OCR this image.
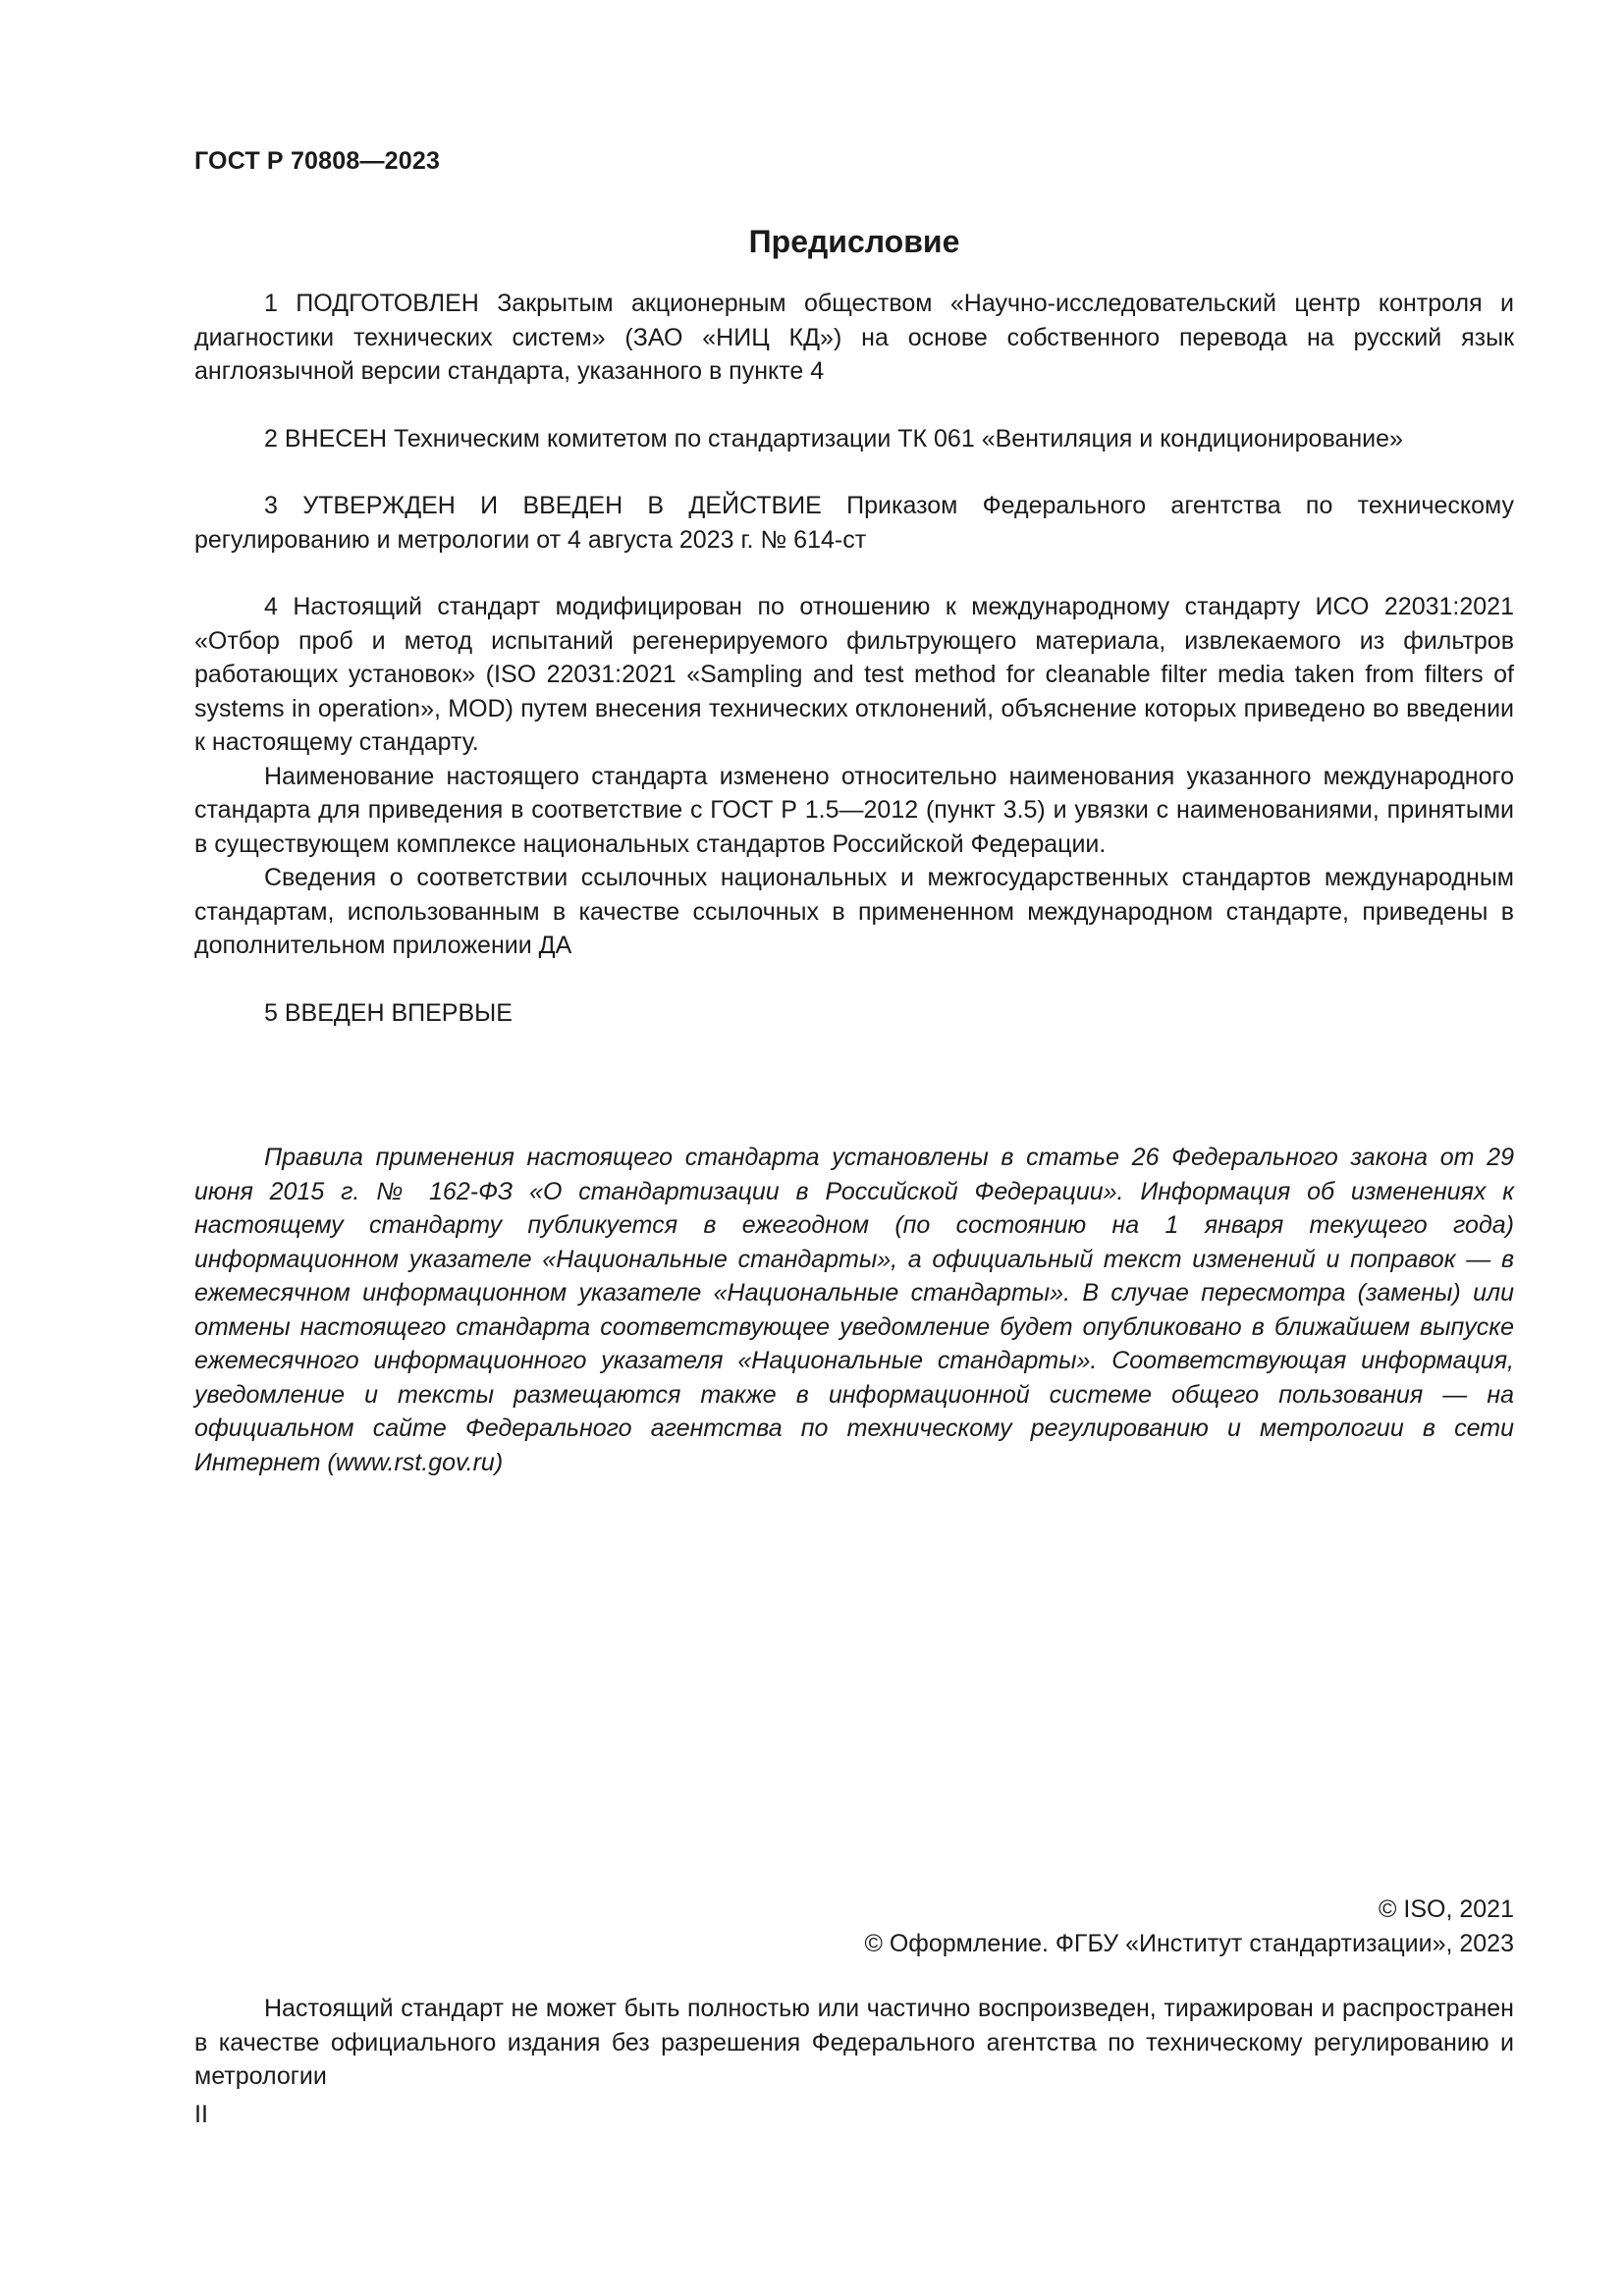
ГОСТ Р 70808—2023
Предисловие

1 ПОДГОТОВЛЕН Закрытым акционерным обществом «Научно-исследовательский центр контроля и диагностики технических систем» (ЗАО «НИЦ КД») на основе собственного перевода на русский язык англоязычной версии стандарта, указанного в пункте 4

2 ВНЕСЕН Техническим комитетом по стандартизации ТК 061 «Вентиляция и кондиционирование»

3 УТВЕРЖДЕН И ВВЕДЕН В ДЕЙСТВИЕ Приказом Федерального агентства по техническому регулированию и метрологии от 4 августа 2023 г. № 614-ст

4 Настоящий стандарт модифицирован по отношению к международному стандарту ИСО 22031:2021 «Отбор проб и метод испытаний регенерируемого фильтрующего материала, извлекаемого из фильтров работающих установок» (ISO 22031:2021 «Sampling and test method for cleanable filter media taken from filters of systems in operation», MOD) путем внесения технических отклонений, объяснение которых приведено во введении к настоящему стандарту.

Наименование настоящего стандарта изменено относительно наименования указанного международного стандарта для приведения в соответствие с ГОСТ Р 1.5—2012 (пункт 3.5) и увязки с наименованиями, принятыми в существующем комплексе национальных стандартов Российской Федерации.

Сведения о соответствии ссылочных национальных и межгосударственных стандартов международным стандартам, использованным в качестве ссылочных в примененном международном стандарте, приведены в дополнительном приложении ДА

5 ВВЕДЕН ВПЕРВЫЕ

Правила применения настоящего стандарта установлены в статье 26 Федерального закона от 29 июня 2015 г. № 162-ФЗ «О стандартизации в Российской Федерации». Информация об изменениях к настоящему стандарту публикуется в ежегодном (по состоянию на 1 января текущего года) информационном указателе «Национальные стандарты», а официальный текст изменений и поправок — в ежемесячном информационном указателе «Национальные стандарты». В случае пересмотра (замены) или отмены настоящего стандарта соответствующее уведомление будет опубликовано в ближайшем выпуске ежемесячного информационного указателя «Национальные стандарты». Соответствующая информация, уведомление и тексты размещаются также в информационной системе общего пользования — на официальном сайте Федерального агентства по техническому регулированию и метрологии в сети Интернет (www.rst.gov.ru)

© ISO, 2021
© Оформление. ФГБУ «Институт стандартизации», 2023

Настоящий стандарт не может быть полностью или частично воспроизведен, тиражирован и распространен в качестве официального издания без разрешения Федерального агентства по техническому регулированию и метрологии

II
